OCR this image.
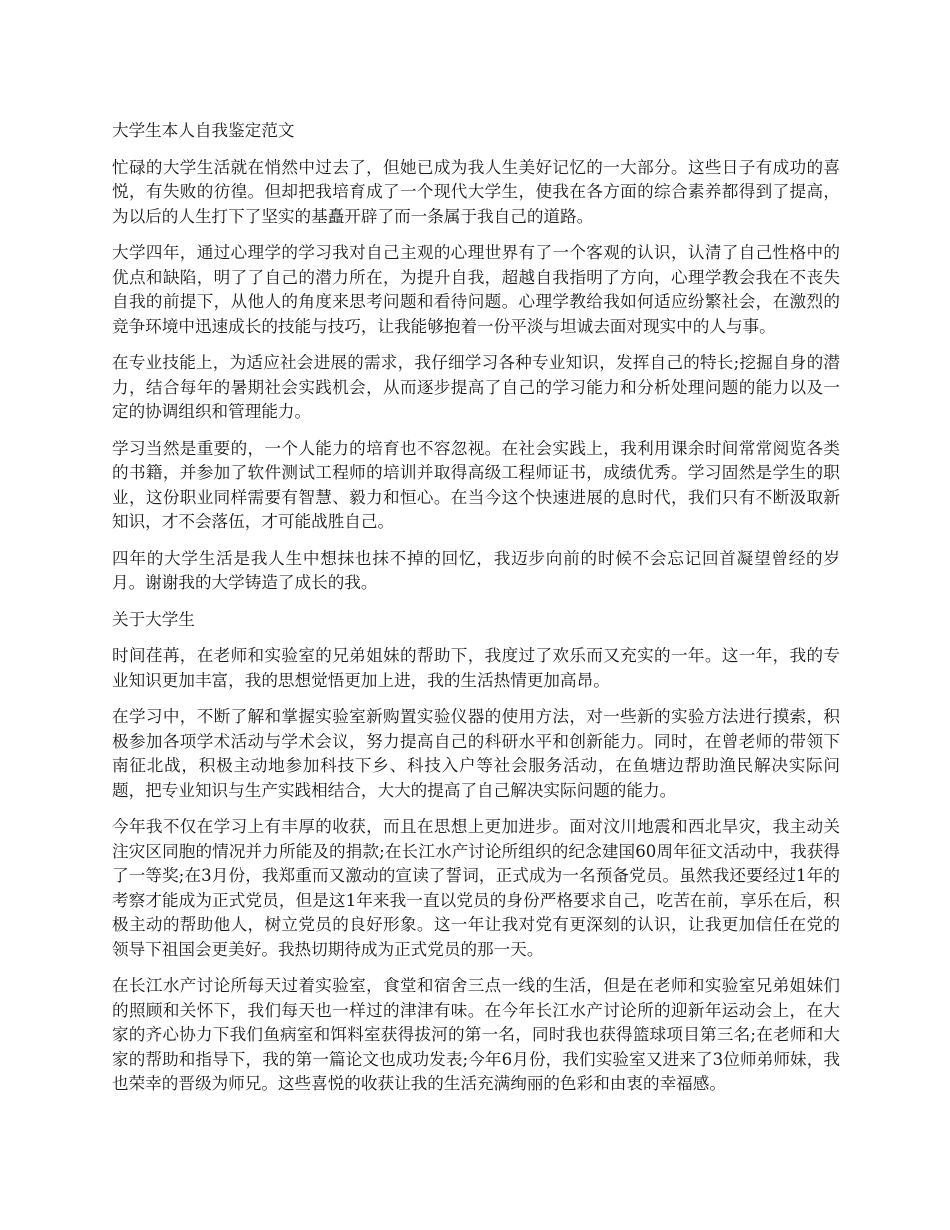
大学生本人自我鉴定范文

忙碌的大学生活就在悄然中过去了，但她已成为我人生美好记忆的一大部分。这些日子有成功的喜悦，有失败的彷徨。但却把我培育成了一个现代大学生，使我在各方面的综合素养都得到了提高，为以后的人生打下了坚实的基矗开辟了而一条属于我自己的道路。

大学四年，通过心理学的学习我对自己主观的心理世界有了一个客观的认识，认清了自己性格中的优点和缺陷，明了了自己的潜力所在，为提升自我，超越自我指明了方向，心理学教会我在不丧失自我的前提下，从他人的角度来思考问题和看待问题。心理学教给我如何适应纷繁社会，在激烈的竞争环境中迅速成长的技能与技巧，让我能够抱着一份平淡与坦诚去面对现实中的人与事。

在专业技能上，为适应社会进展的需求，我仔细学习各种专业知识，发挥自己的特长;挖掘自身的潜力，结合每年的暑期社会实践机会，从而逐步提高了自己的学习能力和分析处理问题的能力以及一定的协调组织和管理能力。

学习当然是重要的，一个人能力的培育也不容忽视。在社会实践上，我利用课余时间常常阅览各类的书籍，并参加了软件测试工程师的培训并取得高级工程师证书，成绩优秀。学习固然是学生的职业，这份职业同样需要有智慧、毅力和恒心。在当今这个快速进展的息时代，我们只有不断汲取新知识，才不会落伍，才可能战胜自己。

四年的大学生活是我人生中想抹也抹不掉的回忆，我迈步向前的时候不会忘记回首凝望曾经的岁月。谢谢我的大学铸造了成长的我。

关于大学生

时间荏苒，在老师和实验室的兄弟姐妹的帮助下，我度过了欢乐而又充实的一年。这一年，我的专业知识更加丰富，我的思想觉悟更加上进，我的生活热情更加高昂。

在学习中，不断了解和掌握实验室新购置实验仪器的使用方法，对一些新的实验方法进行摸索，积极参加各项学术活动与学术会议，努力提高自己的科研水平和创新能力。同时，在曾老师的带领下南征北战，积极主动地参加科技下乡、科技入户等社会服务活动，在鱼塘边帮助渔民解决实际问题，把专业知识与生产实践相结合，大大的提高了自己解决实际问题的能力。

今年我不仅在学习上有丰厚的收获，而且在思想上更加进步。面对汶川地震和西北旱灾，我主动关注灾区同胞的情况并力所能及的捐款;在长江水产讨论所组织的纪念建国60周年征文活动中，我获得了一等奖;在3月份，我郑重而又激动的宣读了誓词，正式成为一名预备党员。虽然我还要经过1年的考察才能成为正式党员，但是这1年来我一直以党员的身份严格要求自己，吃苦在前，享乐在后，积极主动的帮助他人，树立党员的良好形象。这一年让我对党有更深刻的认识，让我更加信任在党的领导下祖国会更美好。我热切期待成为正式党员的那一天。

在长江水产讨论所每天过着实验室，食堂和宿舍三点一线的生活，但是在老师和实验室兄弟姐妹们的照顾和关怀下，我们每天也一样过的津津有味。在今年长江水产讨论所的迎新年运动会上，在大家的齐心协力下我们鱼病室和饵料室获得拔河的第一名，同时我也获得篮球项目第三名;在老师和大家的帮助和指导下，我的第一篇论文也成功发表;今年6月份，我们实验室又进来了3位师弟师妹，我也荣幸的晋级为师兄。这些喜悦的收获让我的生活充满绚丽的色彩和由衷的幸福感。
